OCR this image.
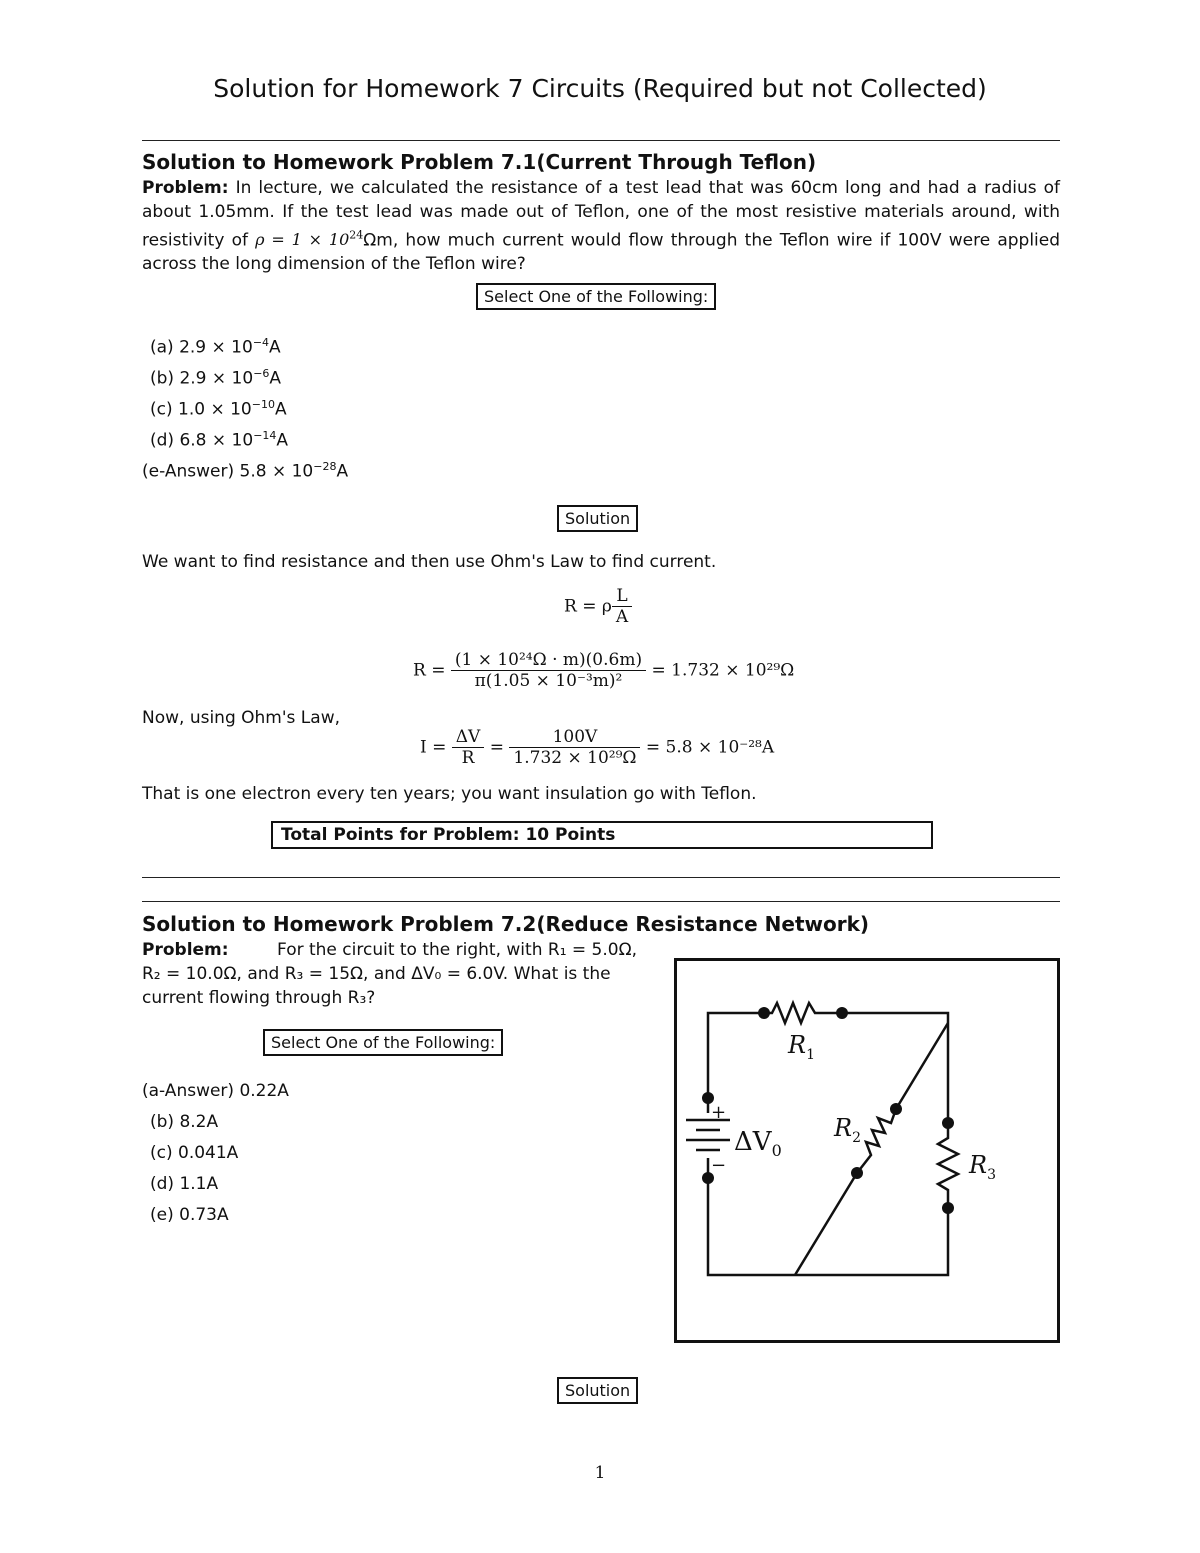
Solution for Homework 7 Circuits (Required but not Collected)
Solution to Homework Problem 7.1(Current Through Teflon)
Problem: In lecture, we calculated the resistance of a test lead that was 60cm long and had a radius of about 1.05mm. If the test lead was made out of Teflon, one of the most resistive materials around, with resistivity of $\rho = 1 \times 10^{24}\Omega m$, how much current would flow through the Teflon wire if 100V were applied across the long dimension of the Teflon wire?
Select One of the Following:
(a) $2.9 \times 10^{-4}A$
(b) $2.9 \times 10^{-6}A$
(c) $1.0 \times 10^{-10}A$
(d) $6.8 \times 10^{-14}A$
(e-Answer) $5.8 \times 10^{-28}A$
Solution
We want to find resistance and then use Ohm's Law to find current.
R = ρ $\frac{L}{A}$
$R = \frac{\text{(1 × 10²⁴Ω · m)(0.6m)}}{\text{π(1.05 × 10⁻³m)²}} = 1.732 \times 10^{29}\Omega$
Now, using Ohm's Law,
$I = \frac{\Delta V}{R} = \frac{100V}{\text{1.732 × 10²⁹Ω}} = 5.8 \times 10^{-28}A$
That is one electron every ten years; you want insulation go with Teflon.
Total Points for Problem: 10 Points
Solution to Homework Problem 7.2(Reduce Resistance Network)
Problem:	For the circuit to the right, with R₁ = 5.0Ω,
R₂ = 10.0Ω, and R₃ = 15Ω, and ΔV₀ = 6.0V. What is the
current flowing through R₃?
Select One of the Following:
(a-Answer) 0.22A
(b) 8.2A
(c) 0.041A
(d) 1.1A
(e) 0.73A
$R_1$
$R_2$
$R_3$
$\Delta V_0$
+
−
Solution
1
